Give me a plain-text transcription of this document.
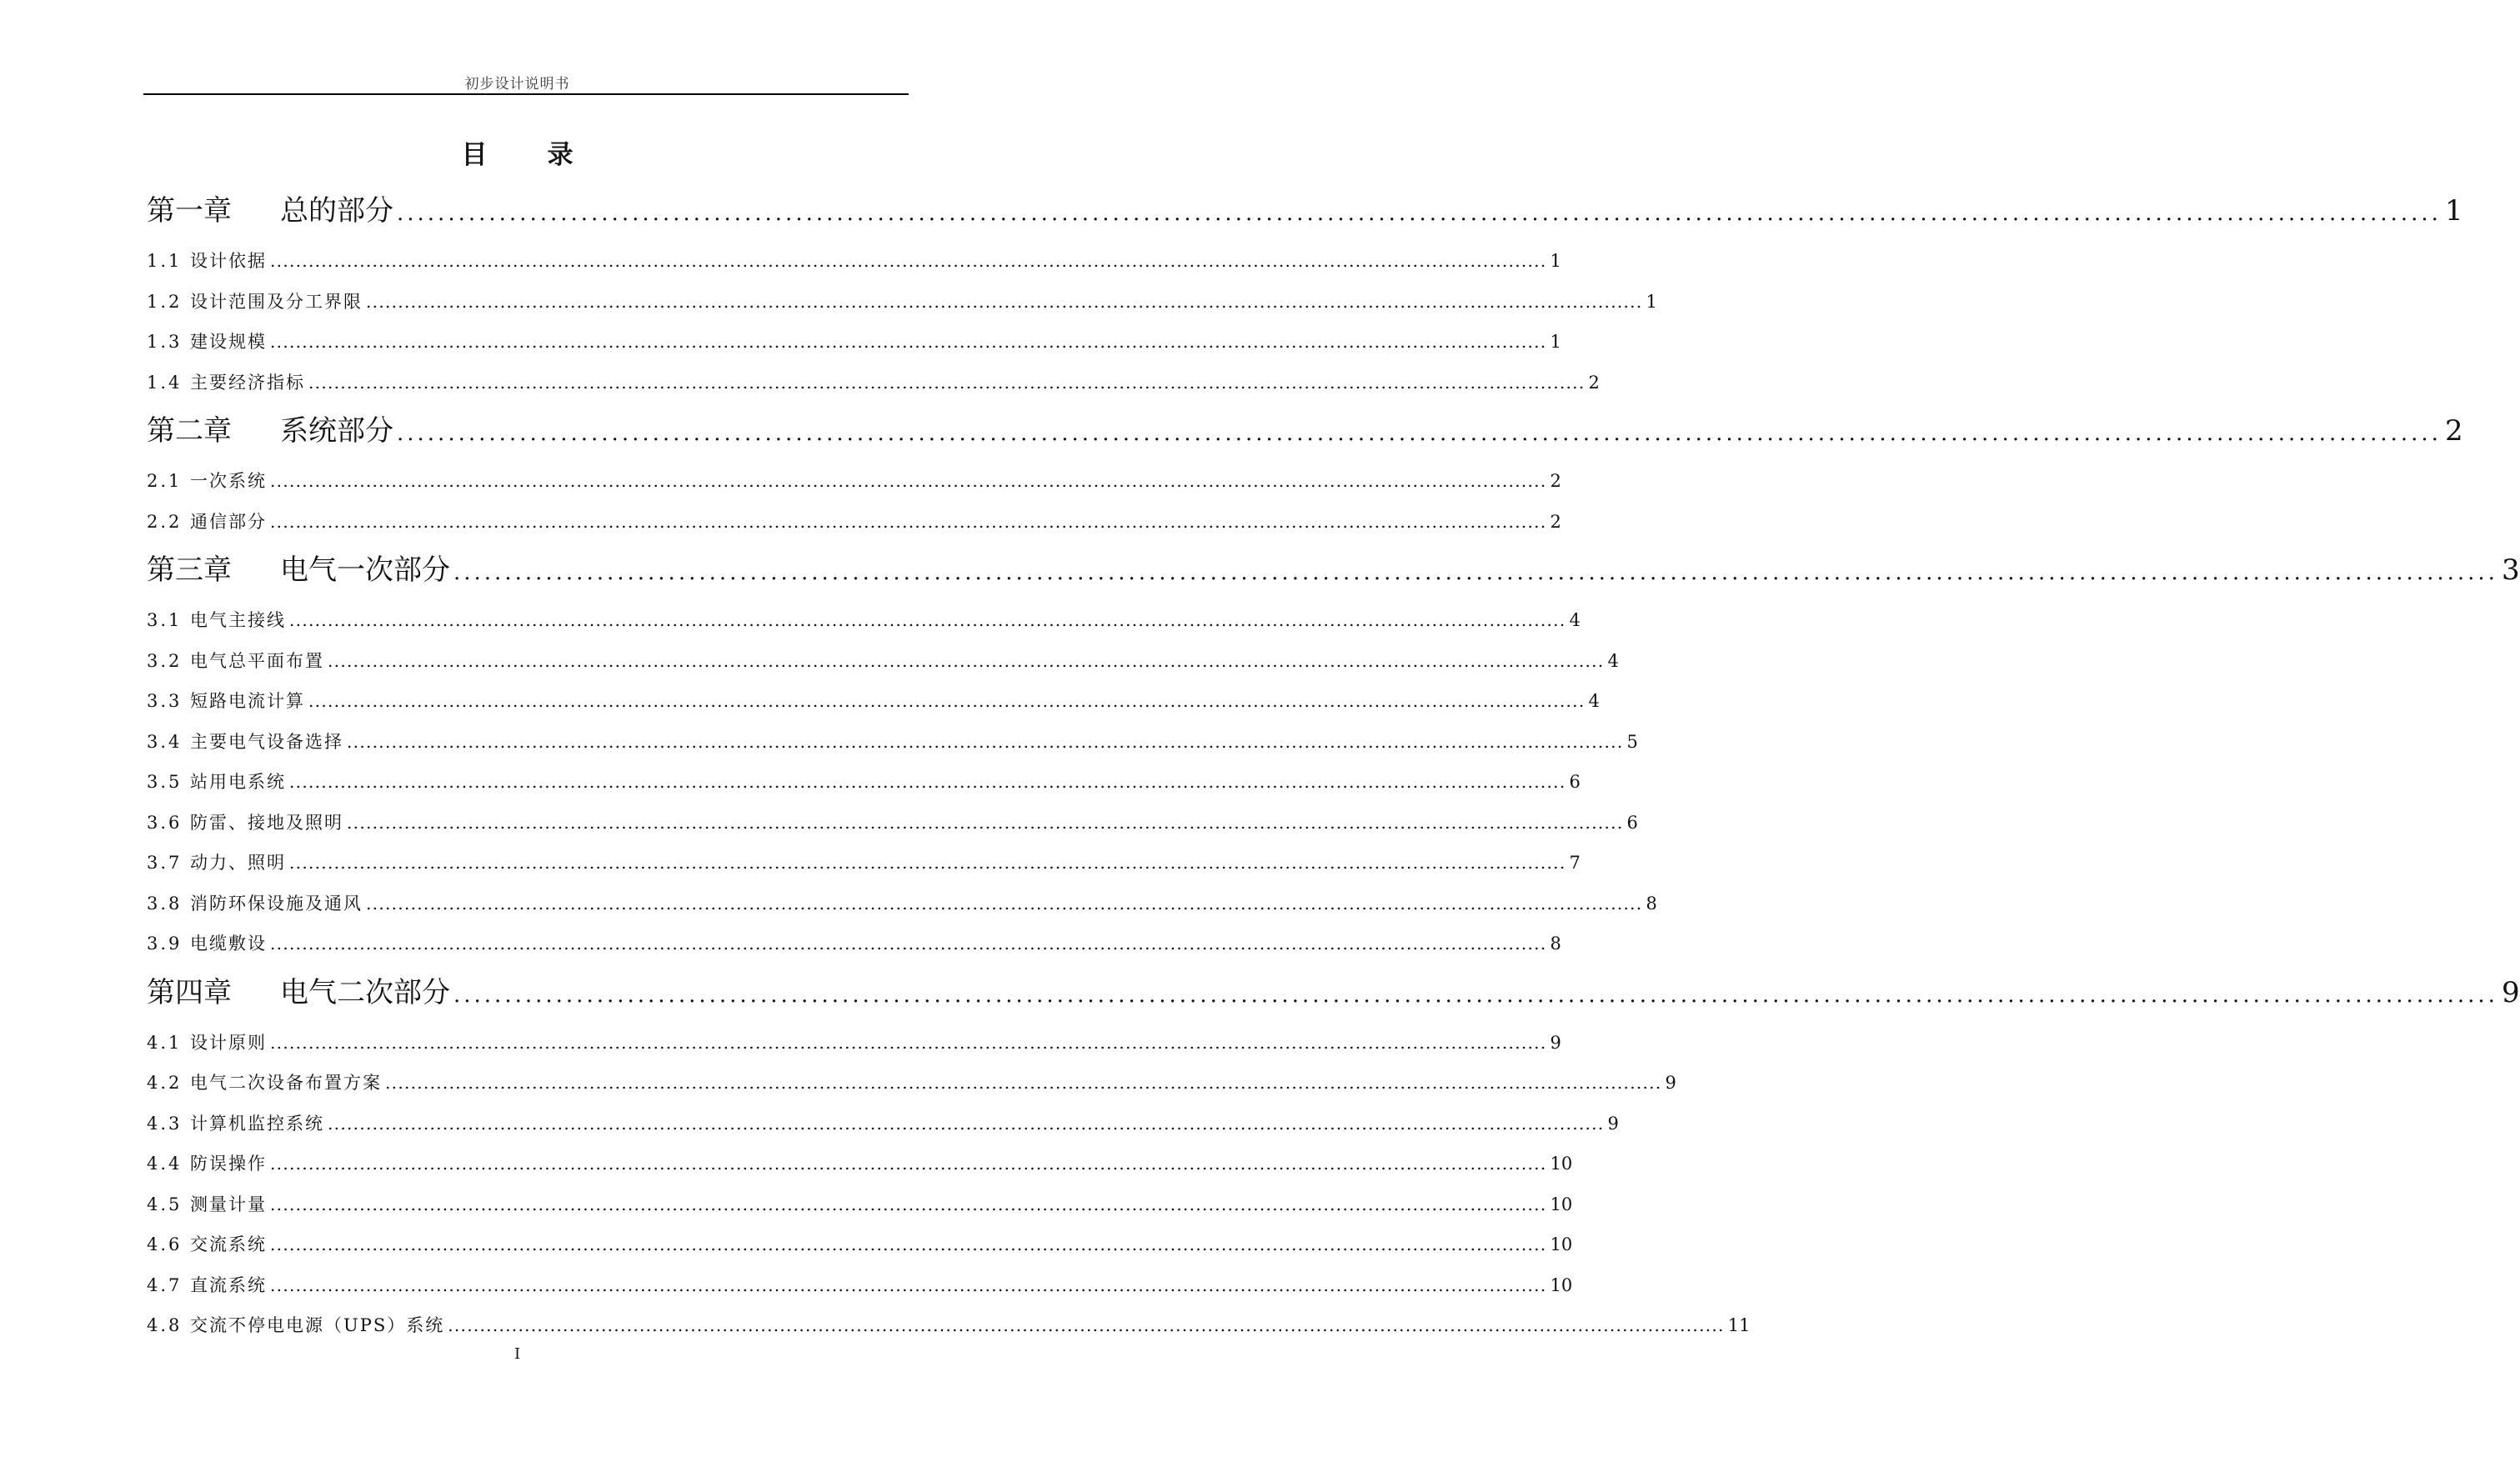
初步设计说明书
目 录
第一章	总的部分 ........................................................................................................................................................................................................ 1
1.1 设计依据 ........................................................................................................................................................................................................ 1
1.2 设计范围及分工界限 ........................................................................................................................................................................................................ 1
1.3 建设规模 ........................................................................................................................................................................................................ 1
1.4 主要经济指标 ........................................................................................................................................................................................................ 2
第二章	系统部分 ........................................................................................................................................................................................................ 2
2.1 一次系统 ........................................................................................................................................................................................................ 2
2.2 通信部分 ........................................................................................................................................................................................................ 2
第三章	电气一次部分 ........................................................................................................................................................................................................ 3
3.1 电气主接线 ........................................................................................................................................................................................................ 4
3.2 电气总平面布置 ........................................................................................................................................................................................................ 4
3.3 短路电流计算 ........................................................................................................................................................................................................ 4
3.4 主要电气设备选择 ........................................................................................................................................................................................................ 5
3.5 站用电系统 ........................................................................................................................................................................................................ 6
3.6 防雷、接地及照明 ........................................................................................................................................................................................................ 6
3.7 动力、照明 ........................................................................................................................................................................................................ 7
3.8 消防环保设施及通风 ........................................................................................................................................................................................................ 8
3.9 电缆敷设 ........................................................................................................................................................................................................ 8
第四章	电气二次部分 ........................................................................................................................................................................................................ 9
4.1 设计原则 ........................................................................................................................................................................................................ 9
4.2 电气二次设备布置方案 ........................................................................................................................................................................................................ 9
4.3 计算机监控系统 ........................................................................................................................................................................................................ 9
4.4 防误操作 ........................................................................................................................................................................................................ 10
4.5 测量计量 ........................................................................................................................................................................................................ 10
4.6 交流系统 ........................................................................................................................................................................................................ 10
4.7 直流系统 ........................................................................................................................................................................................................ 10
4.8 交流不停电电源（UPS）系统 ........................................................................................................................................................................................................ 11
I
